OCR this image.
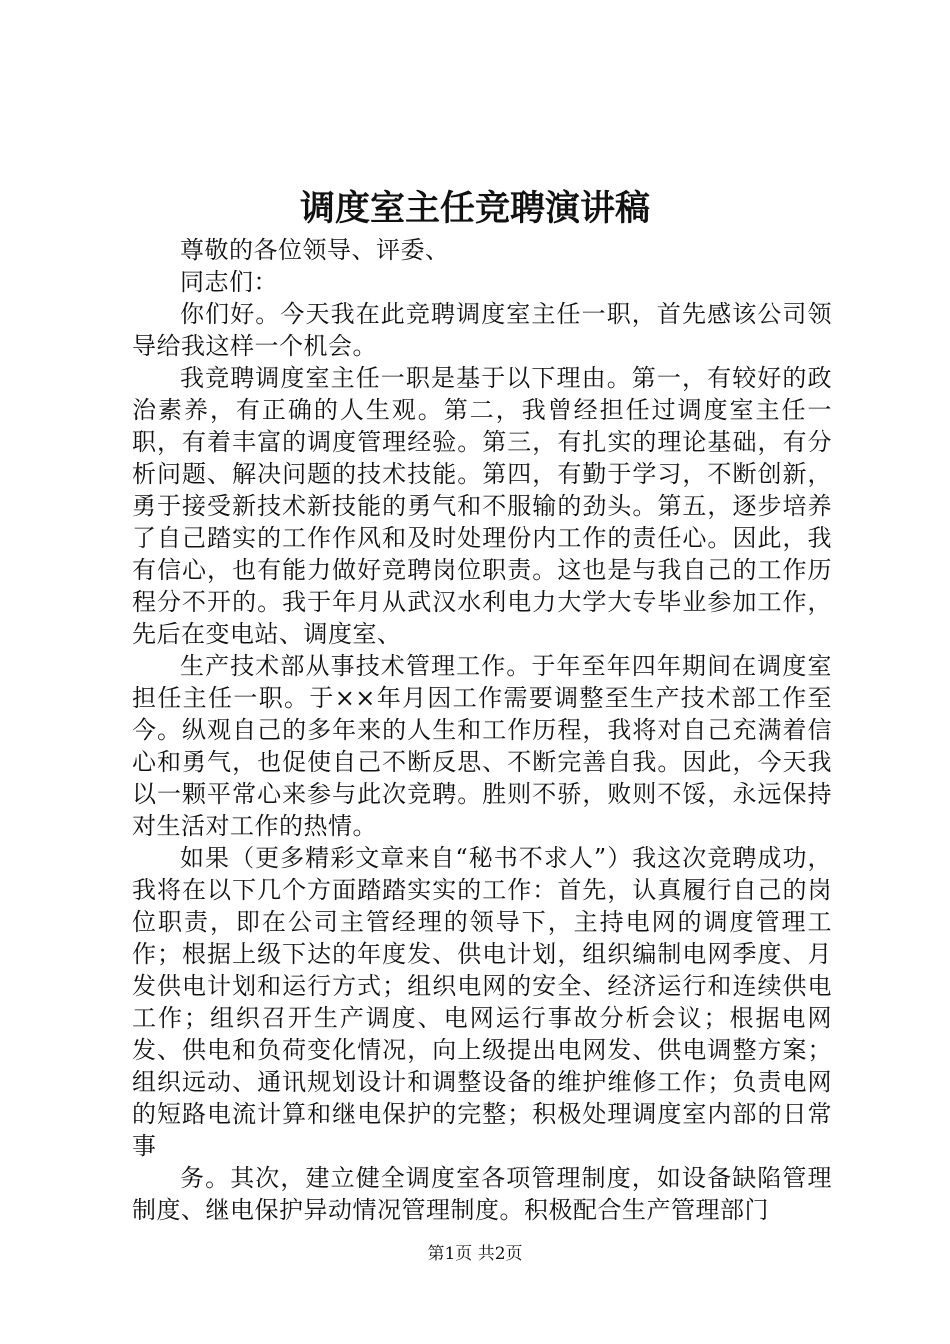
调度室主任竞聘演讲稿

尊敬的各位领导、评委、

同志们：

你们好。今天我在此竞聘调度室主任一职，首先感该公司领导给我这样一个机会。

我竞聘调度室主任一职是基于以下理由。第一，有较好的政治素养，有正确的人生观。第二，我曾经担任过调度室主任一职，有着丰富的调度管理经验。第三，有扎实的理论基础，有分析问题、解决问题的技术技能。第四，有勤于学习，不断创新，勇于接受新技术新技能的勇气和不服输的劲头。第五，逐步培养了自己踏实的工作作风和及时处理份内工作的责任心。因此，我有信心，也有能力做好竞聘岗位职责。这也是与我自己的工作历程分不开的。我于年月从武汉水利电力大学大专毕业参加工作，先后在变电站、调度室、

生产技术部从事技术管理工作。于年至年四年期间在调度室担任主任一职。于××年月因工作需要调整至生产技术部工作至今。纵观自己的多年来的人生和工作历程，我将对自己充满着信心和勇气，也促使自己不断反思、不断完善自我。因此，今天我以一颗平常心来参与此次竞聘。胜则不骄，败则不馁，永远保持对生活对工作的热情。

如果（更多精彩文章来自“秘书不求人”）我这次竞聘成功，我将在以下几个方面踏踏实实的工作：首先，认真履行自己的岗位职责，即在公司主管经理的领导下，主持电网的调度管理工作；根据上级下达的年度发、供电计划，组织编制电网季度、月发供电计划和运行方式；组织电网的安全、经济运行和连续供电工作；组织召开生产调度、电网运行事故分析会议；根据电网发、供电和负荷变化情况，向上级提出电网发、供电调整方案；组织远动、通讯规划设计和调整设备的维护维修工作；负责电网的短路电流计算和继电保护的完整；积极处理调度室内部的日常事

务。其次，建立健全调度室各项管理制度，如设备缺陷管理制度、继电保护异动情况管理制度。积极配合生产管理部门

第1页 共2页
